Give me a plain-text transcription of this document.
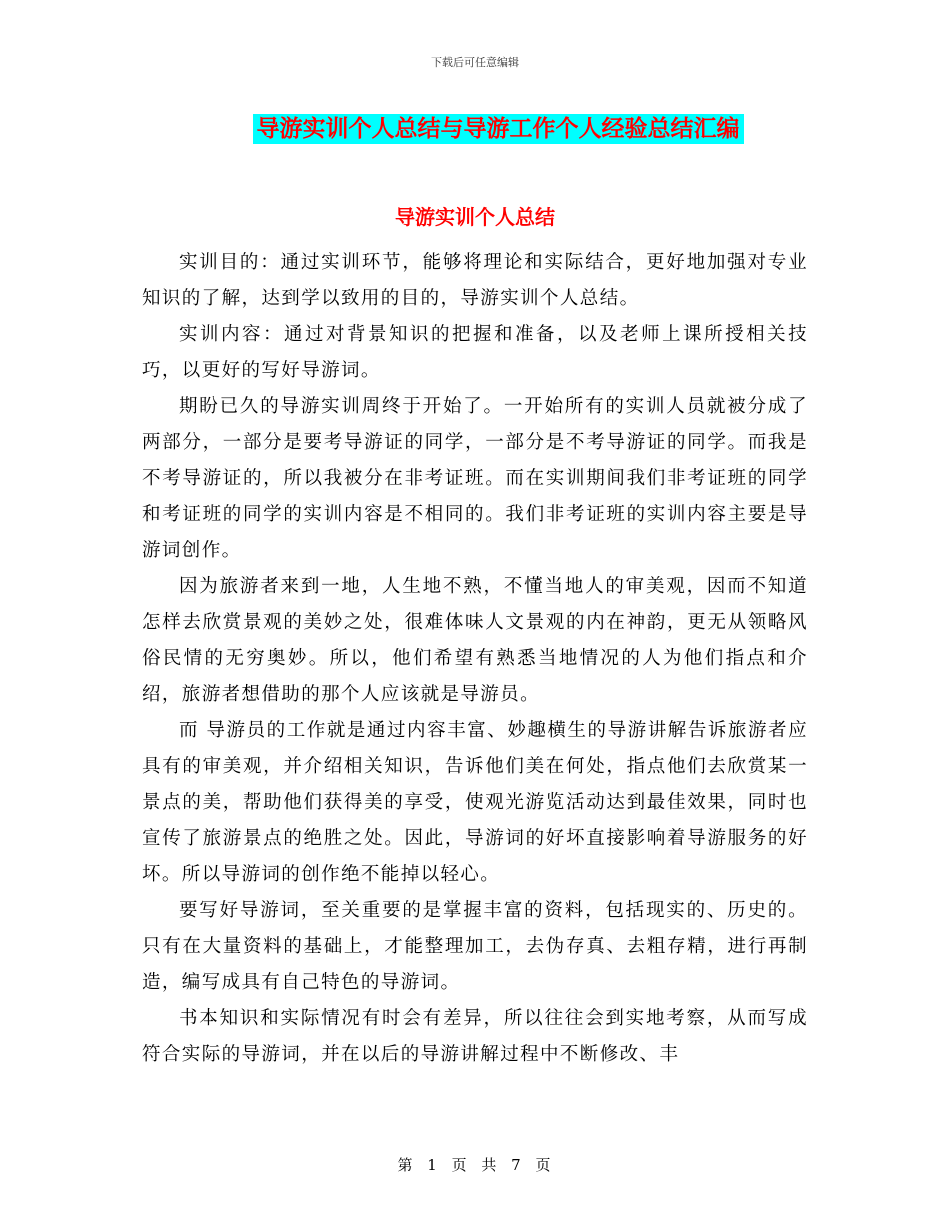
下载后可任意编辑
导游实训个人总结与导游工作个人经验总结汇编
导游实训个人总结

实训目的：通过实训环节，能够将理论和实际结合，更好地加强对专业知识的了解，达到学以致用的目的，导游实训个人总结。

实训内容：通过对背景知识的把握和准备，以及老师上课所授相关技巧，以更好的写好导游词。

期盼已久的导游实训周终于开始了。一开始所有的实训人员就被分成了两部分，一部分是要考导游证的同学，一部分是不考导游证的同学。而我是不考导游证的，所以我被分在非考证班。而在实训期间我们非考证班的同学和考证班的同学的实训内容是不相同的。我们非考证班的实训内容主要是导游词创作。

因为旅游者来到一地，人生地不熟，不懂当地人的审美观，因而不知道怎样去欣赏景观的美妙之处，很难体味人文景观的内在神韵，更无从领略风俗民情的无穷奥妙。所以，他们希望有熟悉当地情况的人为他们指点和介绍，旅游者想借助的那个人应该就是导游员。

而 导游员的工作就是通过内容丰富、妙趣横生的导游讲解告诉旅游者应具有的审美观，并介绍相关知识，告诉他们美在何处，指点他们去欣赏某一景点的美，帮助他们获得美的享受，使观光游览活动达到最佳效果，同时也宣传了旅游景点的绝胜之处。因此，导游词的好坏直接影响着导游服务的好坏。所以导游词的创作绝不能掉以轻心。

要写好导游词，至关重要的是掌握丰富的资料，包括现实的、历史的。只有在大量资料的基础上，才能整理加工，去伪存真、去粗存精，进行再制造，编写成具有自己特色的导游词。

书本知识和实际情况有时会有差异，所以往往会到实地考察，从而写成符合实际的导游词，并在以后的导游讲解过程中不断修改、丰

第 1 页 共 7 页
